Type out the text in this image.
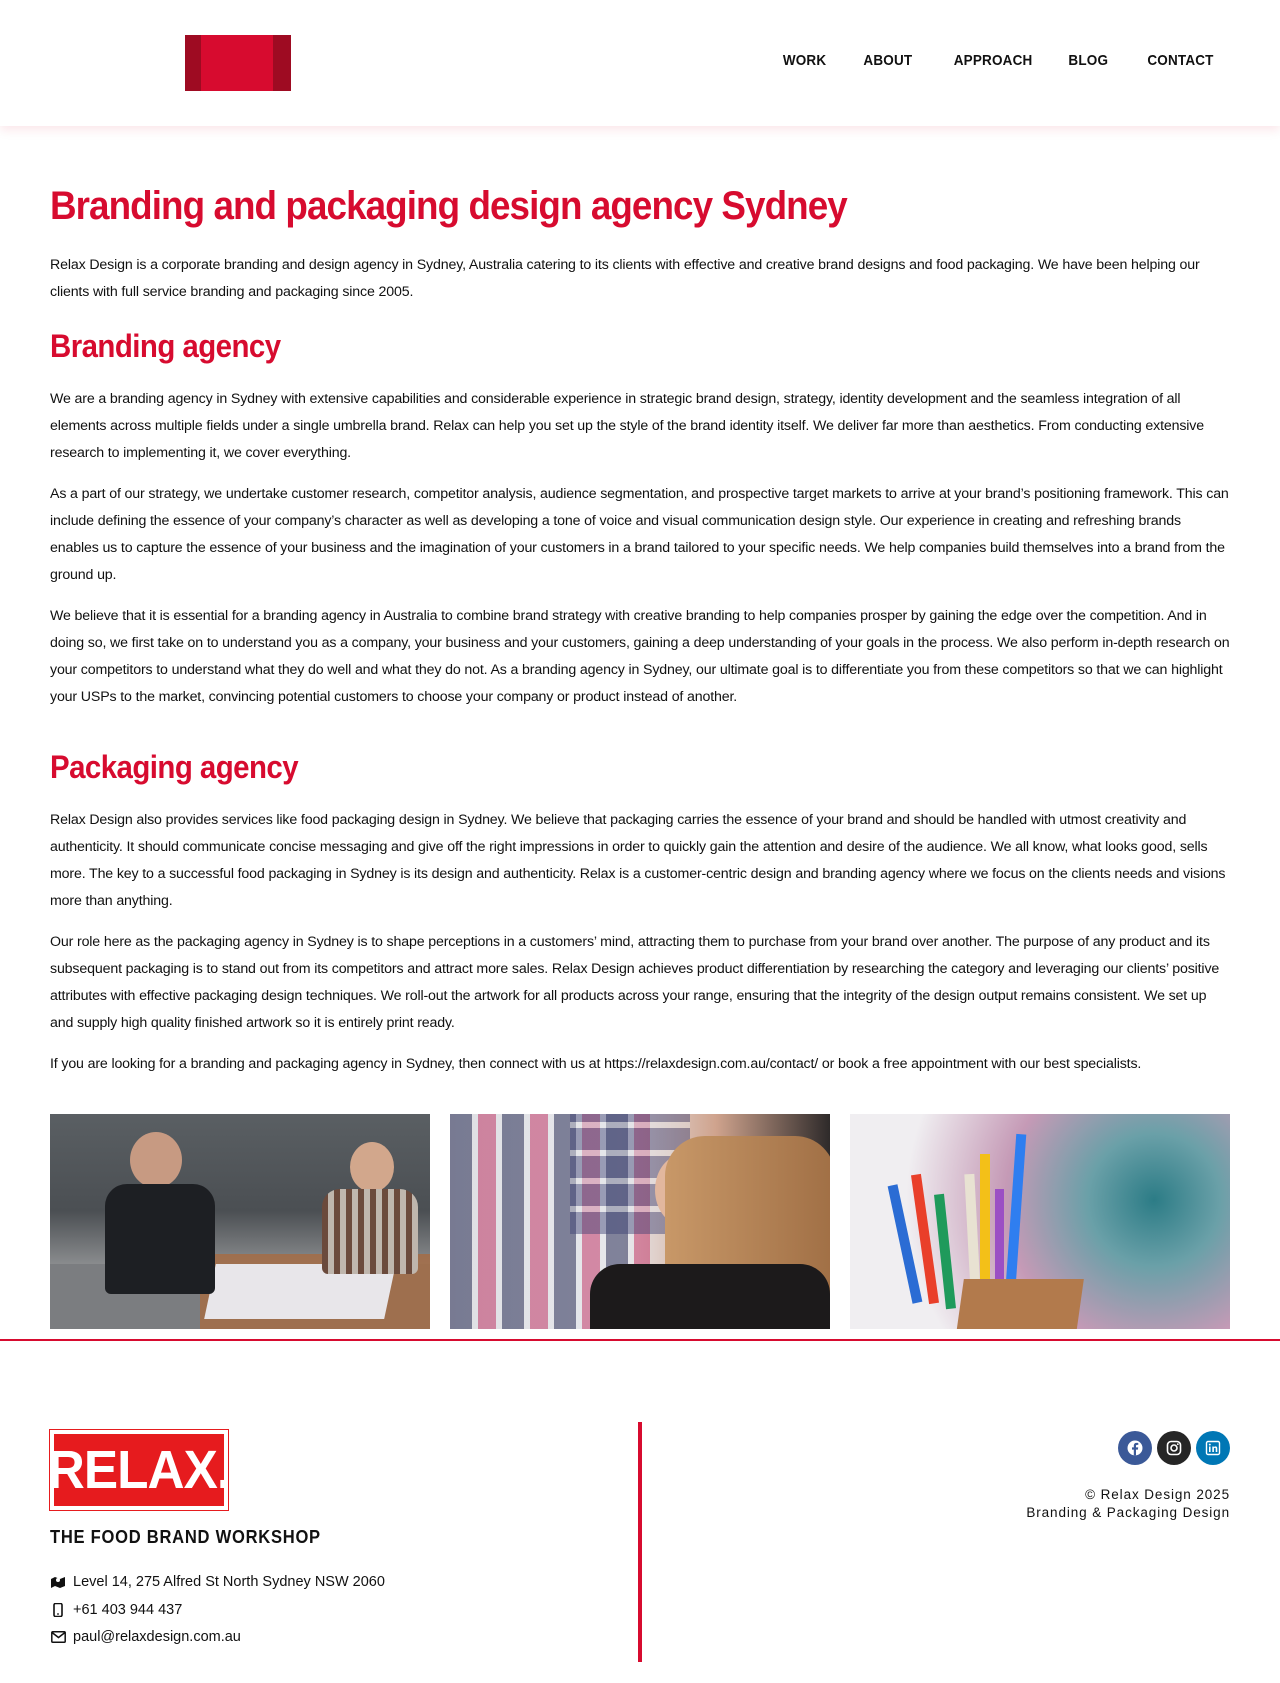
WORK ABOUT	APPROACH BLOG	CONTACT
Branding and packaging design agency Sydney

Relax Design is a corporate branding and design agency in Sydney, Australia catering to its clients with effective and creative brand designs and food packaging. We have been helping our clients with full service branding and packaging since 2005.

Branding agency

We are a branding agency in Sydney with extensive capabilities and considerable experience in strategic brand design, strategy, identity development and the seamless integration of all elements across multiple fields under a single umbrella brand. Relax can help you set up the style of the brand identity itself. We deliver far more than aesthetics. From conducting extensive research to implementing it, we cover everything.

As a part of our strategy, we undertake customer research, competitor analysis, audience segmentation, and prospective target markets to arrive at your brand’s positioning framework. This can include defining the essence of your company’s character as well as developing a tone of voice and visual communication design style. Our experience in creating and refreshing brands enables us to capture the essence of your business and the imagination of your customers in a brand tailored to your specific needs. We help companies build themselves into a brand from the ground up.

We believe that it is essential for a branding agency in Australia to combine brand strategy with creative branding to help companies prosper by gaining the edge over the competition. And in doing so, we first take on to understand you as a company, your business and your customers, gaining a deep understanding of your goals in the process. We also perform in-depth research on your competitors to understand what they do well and what they do not. As a branding agency in Sydney, our ultimate goal is to differentiate you from these competitors so that we can highlight your USPs to the market, convincing potential customers to choose your company or product instead of another.

Packaging agency

Relax Design also provides services like food packaging design in Sydney. We believe that packaging carries the essence of your brand and should be handled with utmost creativity and authenticity. It should communicate concise messaging and give off the right impressions in order to quickly gain the attention and desire of the audience. We all know, what looks good, sells more. The key to a successful food packaging in Sydney is its design and authenticity. Relax is a customer-centric design and branding agency where we focus on the clients needs and visions more than anything.

Our role here as the packaging agency in Sydney is to shape perceptions in a customers’ mind, attracting them to purchase from your brand over another. The purpose of any product and its subsequent packaging is to stand out from its competitors and attract more sales. Relax Design achieves product differentiation by researching the category and leveraging our clients’ positive attributes with effective packaging design techniques. We roll-out the artwork for all products across your range, ensuring that the integrity of the design output remains consistent. We set up and supply high quality finished artwork so it is entirely print ready.

If you are looking for a branding and packaging agency in Sydney, then connect with us at https://relaxdesign.com.au/contact/ or book a free appointment with our best specialists.

RELAX.
THE FOOD BRAND WORKSHOP
Level 14, 275 Alfred St North Sydney NSW 2060
+61 403 944 437
paul@relaxdesign.com.au
© Relax Design 2025
Branding & Packaging Design
